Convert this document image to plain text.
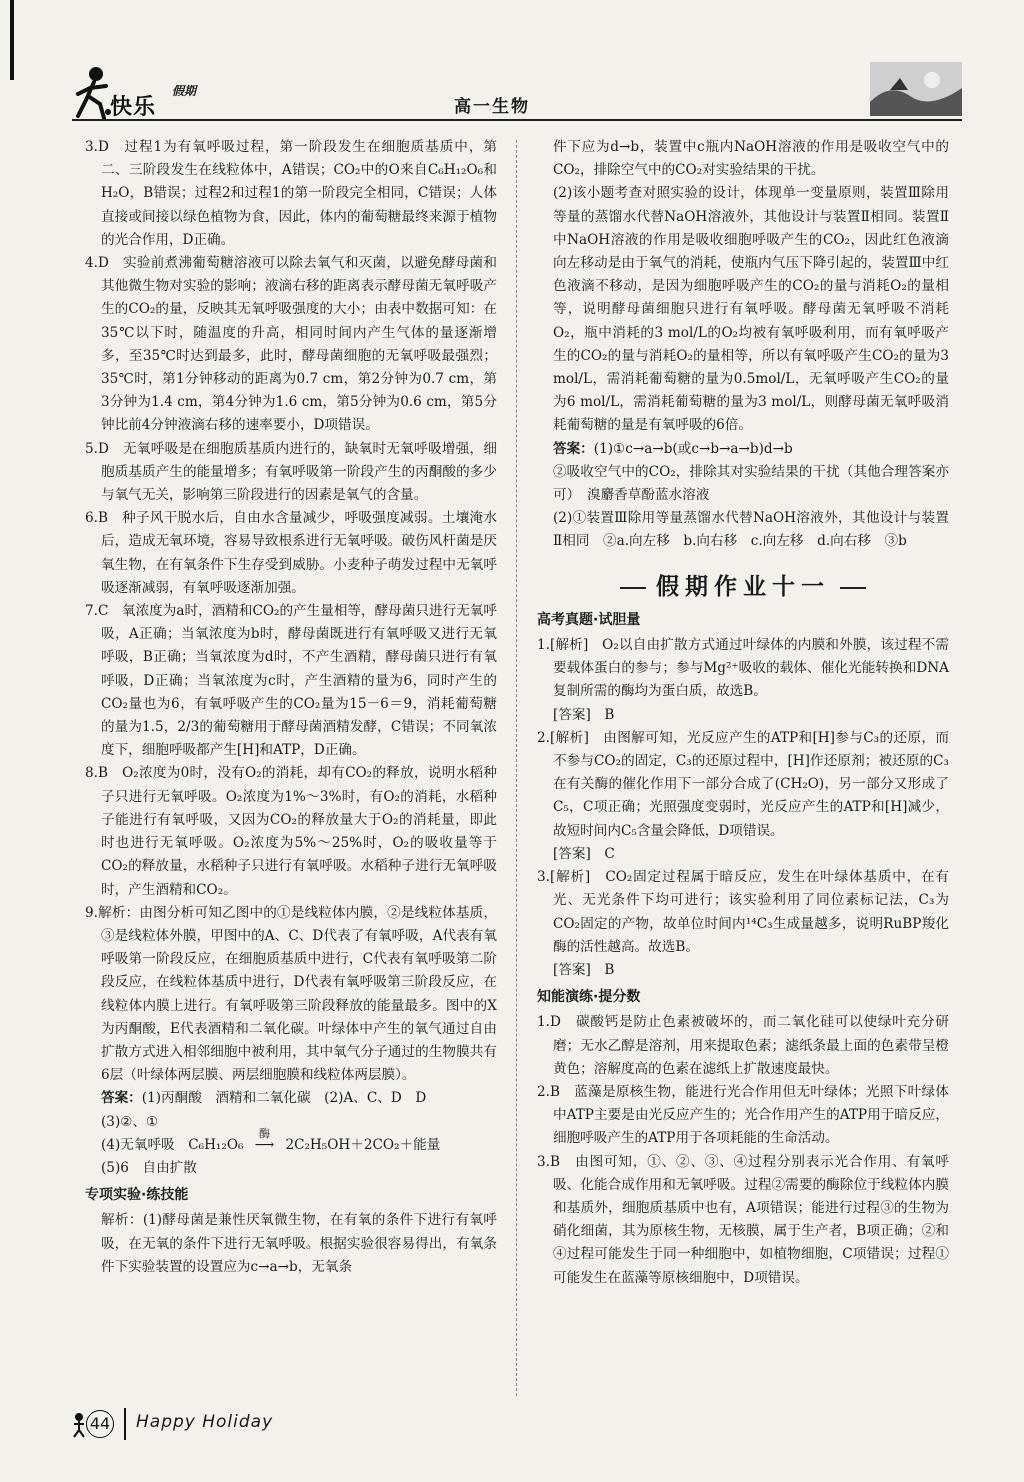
快乐
假期
高一生物

3.D　过程1为有氧呼吸过程，第一阶段发生在细胞质基质中，第二、三阶段发生在线粒体中，A错误；CO₂中的O来自C₆H₁₂O₆和H₂O，B错误；过程2和过程1的第一阶段完全相同，C错误；人体直接或间接以绿色植物为食，因此，体内的葡萄糖最终来源于植物的光合作用，D正确。

4.D　实验前煮沸葡萄糖溶液可以除去氧气和灭菌，以避免酵母菌和其他微生物对实验的影响；液滴右移的距离表示酵母菌无氧呼吸产生的CO₂的量，反映其无氧呼吸强度的大小；由表中数据可知：在35℃以下时，随温度的升高，相同时间内产生气体的量逐渐增多，至35℃时达到最多，此时，酵母菌细胞的无氧呼吸最强烈；35℃时，第1分钟移动的距离为0.7 cm，第2分钟为0.7 cm，第3分钟为1.4 cm，第4分钟为1.6 cm，第5分钟为0.6 cm，第5分钟比前4分钟液滴右移的速率要小，D项错误。

5.D　无氧呼吸是在细胞质基质内进行的，缺氧时无氧呼吸增强，细胞质基质产生的能量增多；有氧呼吸第一阶段产生的丙酮酸的多少与氧气无关，影响第三阶段进行的因素是氧气的含量。

6.B　种子风干脱水后，自由水含量减少，呼吸强度减弱。土壤淹水后，造成无氧环境，容易导致根系进行无氧呼吸。破伤风杆菌是厌氧生物，在有氧条件下生存受到威胁。小麦种子萌发过程中无氧呼吸逐渐减弱，有氧呼吸逐渐加强。

7.C　氧浓度为a时，酒精和CO₂的产生量相等，酵母菌只进行无氧呼吸，A正确；当氧浓度为b时，酵母菌既进行有氧呼吸又进行无氧呼吸，B正确；当氧浓度为d时，不产生酒精，酵母菌只进行有氧呼吸，D正确；当氧浓度为c时，产生酒精的量为6，同时产生的CO₂量也为6，有氧呼吸产生的CO₂量为15－6＝9，消耗葡萄糖的量为1.5，2/3的葡萄糖用于酵母菌酒精发酵，C错误；不同氧浓度下，细胞呼吸都产生[H]和ATP，D正确。

8.B　O₂浓度为0时，没有O₂的消耗，却有CO₂的释放，说明水稻种子只进行无氧呼吸。O₂浓度为1%～3%时，有O₂的消耗，水稻种子能进行有氧呼吸，又因为CO₂的释放量大于O₂的消耗量，即此时也进行无氧呼吸。O₂浓度为5%～25%时，O₂的吸收量等于CO₂的释放量，水稻种子只进行有氧呼吸。水稻种子进行无氧呼吸时，产生酒精和CO₂。

9.解析：由图分析可知乙图中的①是线粒体内膜，②是线粒体基质，③是线粒体外膜，甲图中的A、C、D代表了有氧呼吸，A代表有氧呼吸第一阶段反应，在细胞质基质中进行，C代表有氧呼吸第二阶段反应，在线粒体基质中进行，D代表有氧呼吸第三阶段反应，在线粒体内膜上进行。有氧呼吸第三阶段释放的能量最多。图中的X为丙酮酸，E代表酒精和二氧化碳。叶绿体中产生的氧气通过自由扩散方式进入相邻细胞中被利用，其中氧气分子通过的生物膜共有6层（叶绿体两层膜、两层细胞膜和线粒体两层膜）。

答案：(1)丙酮酸　酒精和二氧化碳　(2)A、C、D　D

(3)②、①

(4)无氧呼吸　C₆H₁₂O₆
酶
⟶ 2C₂H₅OH＋2CO₂＋能量

(5)6　自由扩散

专项实验·练技能

解析：(1)酵母菌是兼性厌氧微生物，在有氧的条件下进行有氧呼吸，在无氧的条件下进行无氧呼吸。根据实验很容易得出，有氧条件下实验装置的设置应为c→a→b，无氧条

件下应为d→b，装置中c瓶内NaOH溶液的作用是吸收空气中的CO₂，排除空气中的CO₂对实验结果的干扰。

(2)该小题考查对照实验的设计，体现单一变量原则，装置Ⅲ除用等量的蒸馏水代替NaOH溶液外，其他设计与装置Ⅱ相同。装置Ⅱ中NaOH溶液的作用是吸收细胞呼吸产生的CO₂，因此红色液滴向左移动是由于氧气的消耗，使瓶内气压下降引起的，装置Ⅲ中红色液滴不移动，是因为细胞呼吸产生的CO₂的量与消耗O₂的量相等，说明酵母菌细胞只进行有氧呼吸。酵母菌无氧呼吸不消耗O₂，瓶中消耗的3 mol/L的O₂均被有氧呼吸利用，而有氧呼吸产生的CO₂的量与消耗O₂的量相等，所以有氧呼吸产生CO₂的量为3 mol/L，需消耗葡萄糖的量为0.5mol/L，无氧呼吸产生CO₂的量为6 mol/L，需消耗葡萄糖的量为3 mol/L，则酵母菌无氧呼吸消耗葡萄糖的量是有氧呼吸的6倍。

答案：(1)①c→a→b(或c→b→a→b)d→b

②吸收空气中的CO₂，排除其对实验结果的干扰（其他合理答案亦可）　溴麝香草酚蓝水溶液

(2)①装置Ⅲ除用等量蒸馏水代替NaOH溶液外，其他设计与装置Ⅱ相同　②a.向左移　b.向右移　c.向左移　d.向右移　③b

假期作业十一
高考真题·试胆量

1.[解析]　O₂以自由扩散方式通过叶绿体的内膜和外膜，该过程不需要载体蛋白的参与；参与Mg²⁺吸收的载体、催化光能转换和DNA复制所需的酶均为蛋白质，故选B。

[答案]　B

2.[解析]　由图解可知，光反应产生的ATP和[H]参与C₃的还原，而不参与CO₂的固定，C₃的还原过程中，[H]作还原剂；被还原的C₃在有关酶的催化作用下一部分合成了(CH₂O)，另一部分又形成了C₅，C项正确；光照强度变弱时，光反应产生的ATP和[H]减少，故短时间内C₅含量会降低，D项错误。

[答案]　C

3.[解析]　CO₂固定过程属于暗反应，发生在叶绿体基质中，在有光、无光条件下均可进行；该实验利用了同位素标记法，C₃为CO₂固定的产物，故单位时间内¹⁴C₃生成量越多，说明RuBP羧化酶的活性越高。故选B。

[答案]　B

知能演练·提分数

1.D　碳酸钙是防止色素被破坏的，而二氧化硅可以使绿叶充分研磨；无水乙醇是溶剂，用来提取色素；滤纸条最上面的色素带呈橙黄色；溶解度高的色素在滤纸上扩散速度最快。

2.B　蓝藻是原核生物，能进行光合作用但无叶绿体；光照下叶绿体中ATP主要是由光反应产生的；光合作用产生的ATP用于暗反应，细胞呼吸产生的ATP用于各项耗能的生命活动。

3.B　由图可知，①、②、③、④过程分别表示光合作用、有氧呼吸、化能合成作用和无氧呼吸。过程②需要的酶除位于线粒体内膜和基质外，细胞质基质中也有，A项错误；能进行过程③的生物为硝化细菌，其为原核生物，无核膜，属于生产者，B项正确；②和④过程可能发生于同一种细胞中，如植物细胞，C项错误；过程①可能发生在蓝藻等原核细胞中，D项错误。

44 Happy Holiday
